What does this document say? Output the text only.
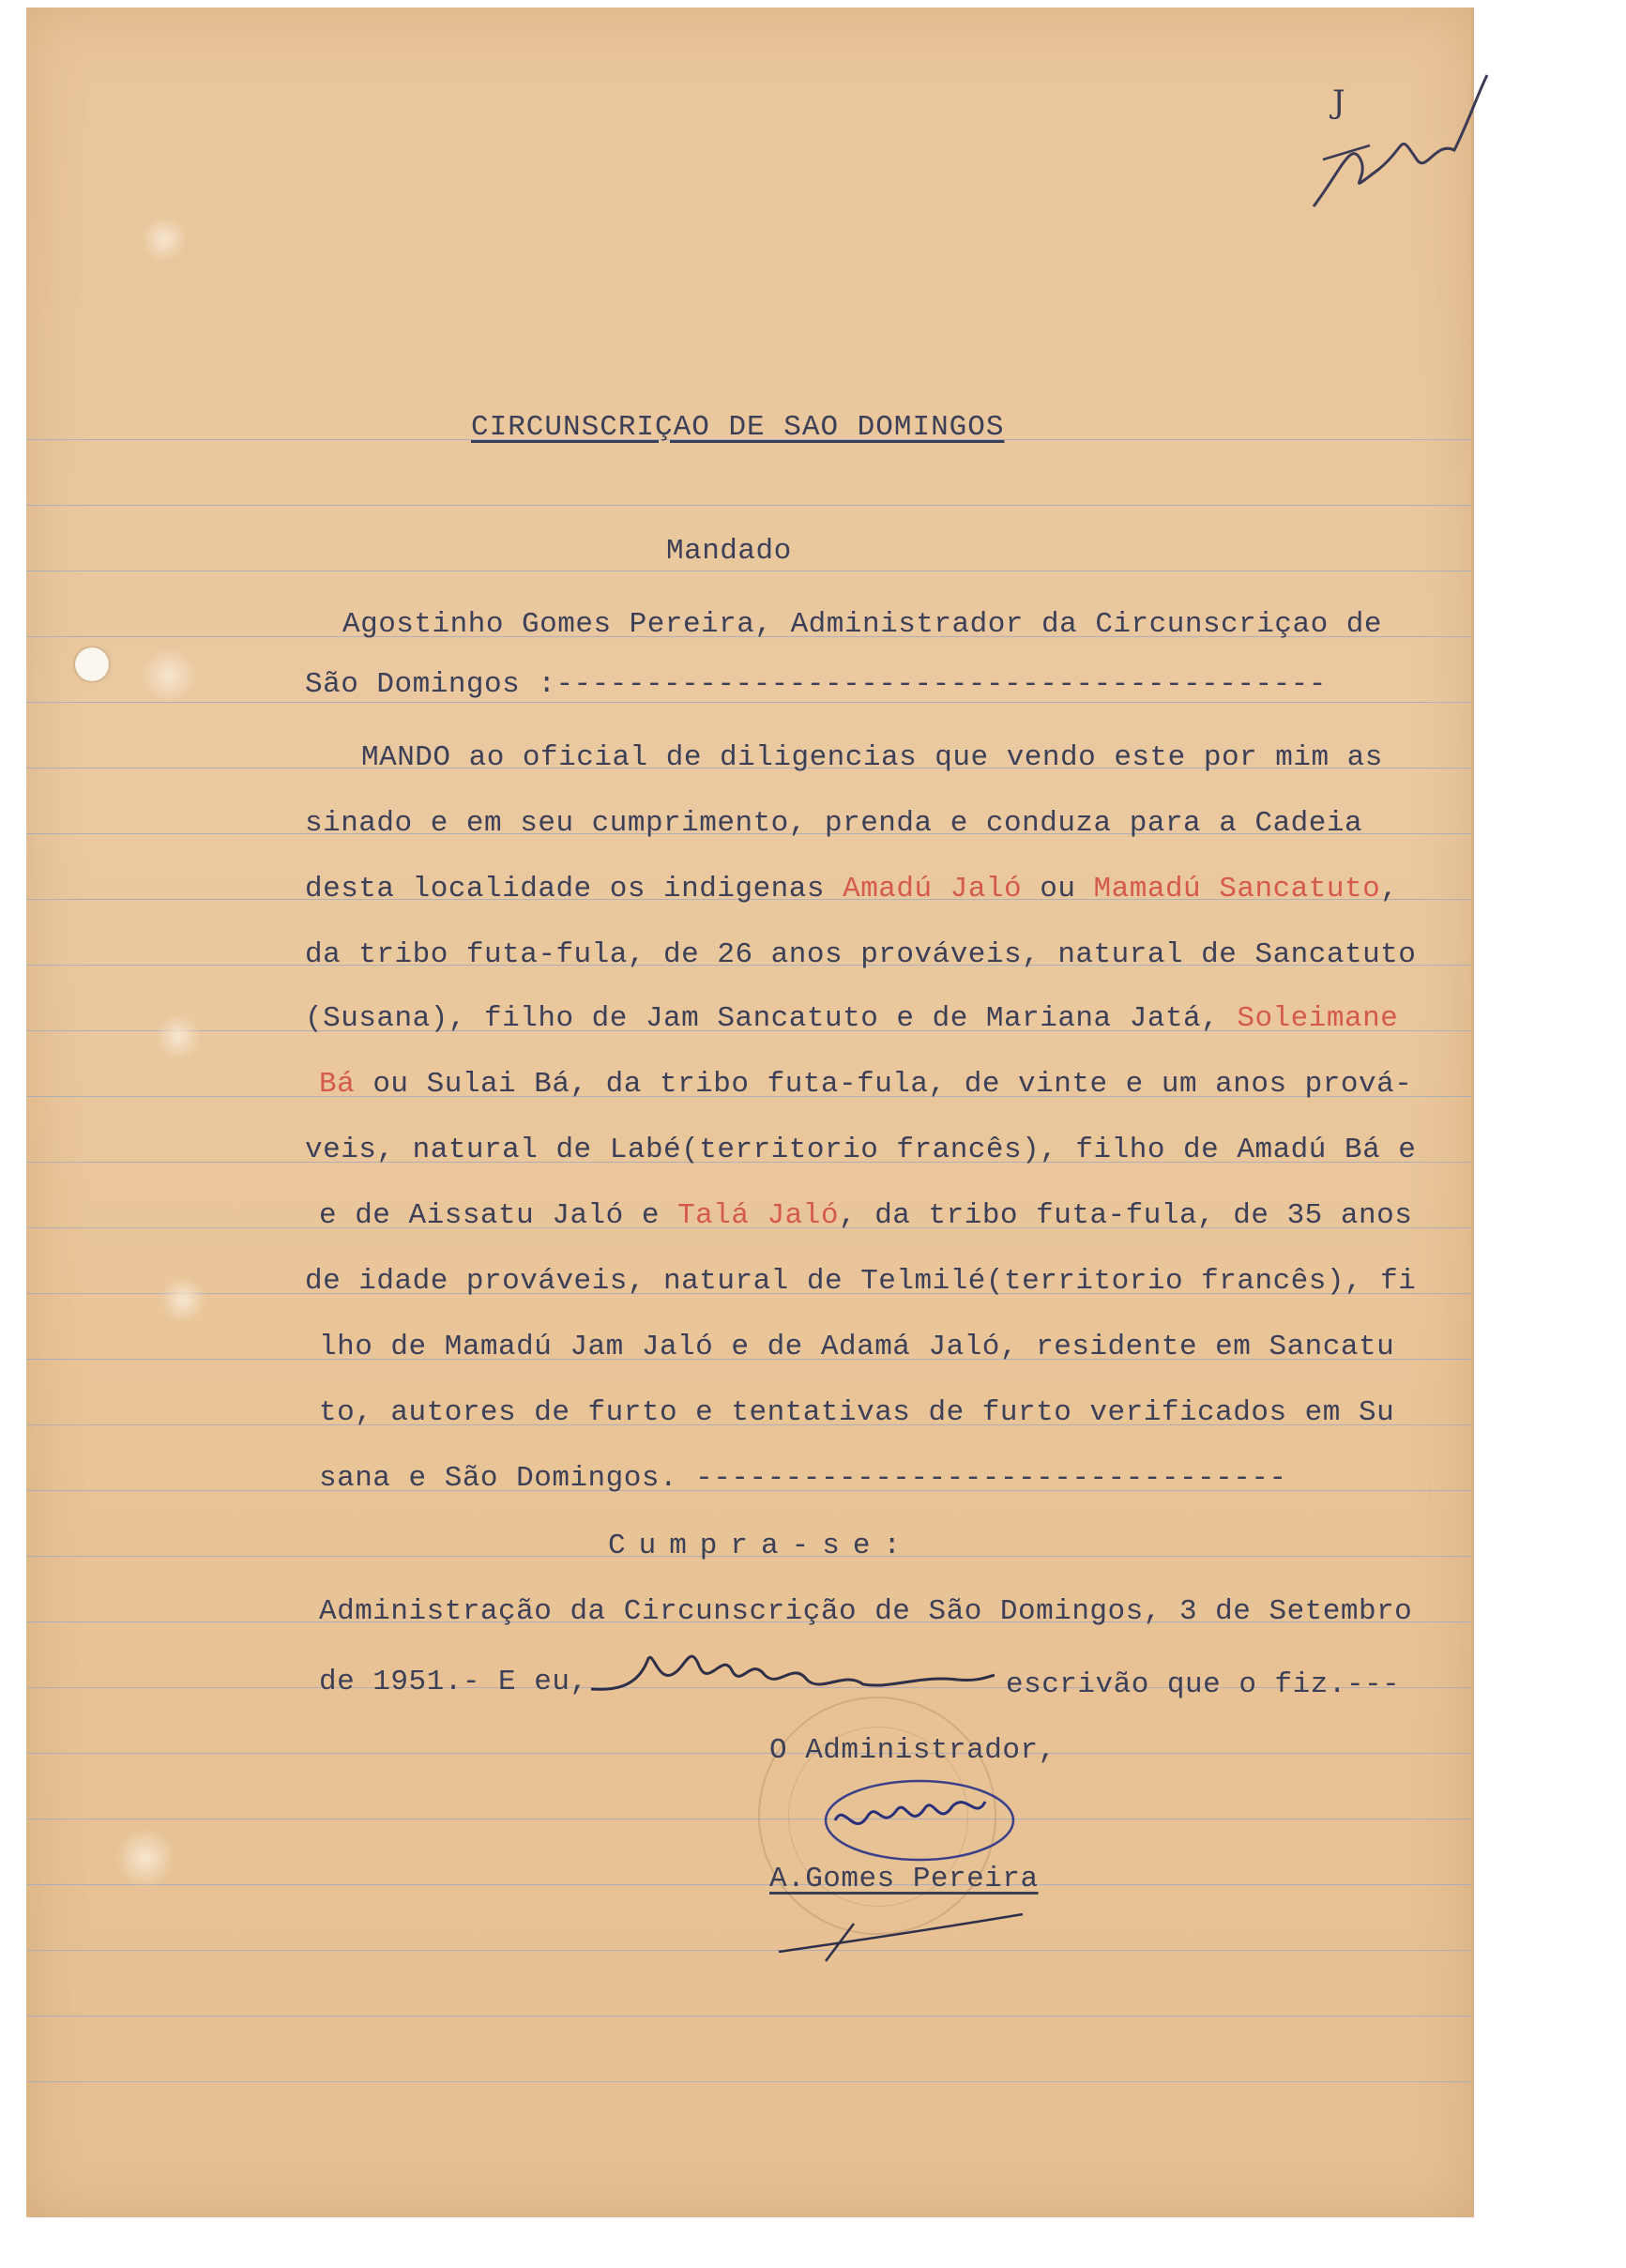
J
CIRCUNSCRIÇAO DE SAO DOMINGOS
Mandado
Agostinho Gomes Pereira, Administrador da Circunscriçao de
São Domingos :-------------------------------------------
MANDO ao oficial de diligencias que vendo este por mim as
sinado e em seu cumprimento, prenda e conduza para a Cadeia
desta localidade os indigenas Amadú Jaló ou Mamadú Sancatuto,
da tribo futa-fula, de 26 anos prováveis, natural de Sancatuto
(Susana), filho de Jam Sancatuto e de Mariana Jatá, Soleimane
Bá ou Sulai Bá, da tribo futa-fula, de vinte e um anos prová-
veis, natural de Labé(territorio francês), filho de Amadú Bá e
e de Aissatu Jaló e Talá Jaló, da tribo futa-fula, de 35 anos
de idade prováveis, natural de Telmilé(territorio francês), fi
lho de Mamadú Jam Jaló e de Adamá Jaló, residente em Sancatu
to, autores de furto e tentativas de furto verificados em Su
sana e São Domingos. ---------------------------------
Cumpra-se:
Administração da Circunscrição de São Domingos, 3 de Setembro
de 1951.- E eu,	escrivão que o fiz.---
O Administrador,
A.Gomes Pereira
